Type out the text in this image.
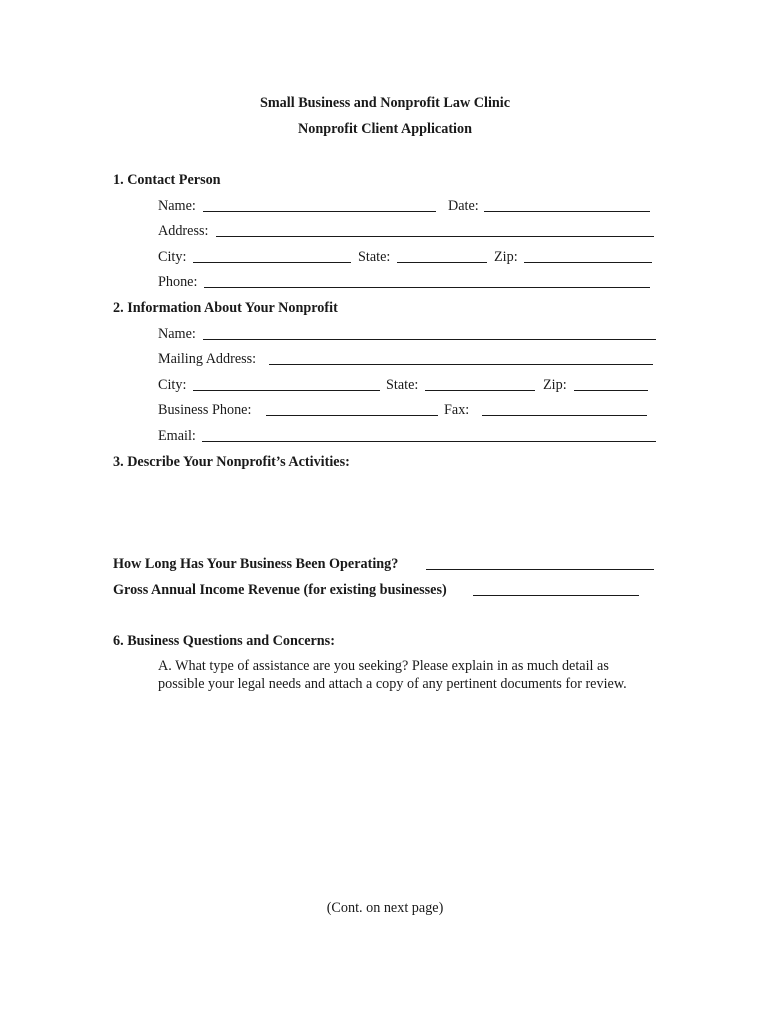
Small Business and Nonprofit Law Clinic
Nonprofit Client Application
1. Contact Person
Name:	Date:
Address:
City:	State:	Zip:
Phone:
2. Information About Your Nonprofit
Name:
Mailing Address:
City:	State:	Zip:
Business Phone:	Fax:
Email:
3. Describe Your Nonprofit’s Activities:
How Long Has Your Business Been Operating?
Gross Annual Income Revenue (for existing businesses)
6. Business Questions and Concerns:
A. What type of assistance are you seeking? Please explain in as much detail as possible your legal needs and attach a copy of any pertinent documents for review.
(Cont. on next page)
